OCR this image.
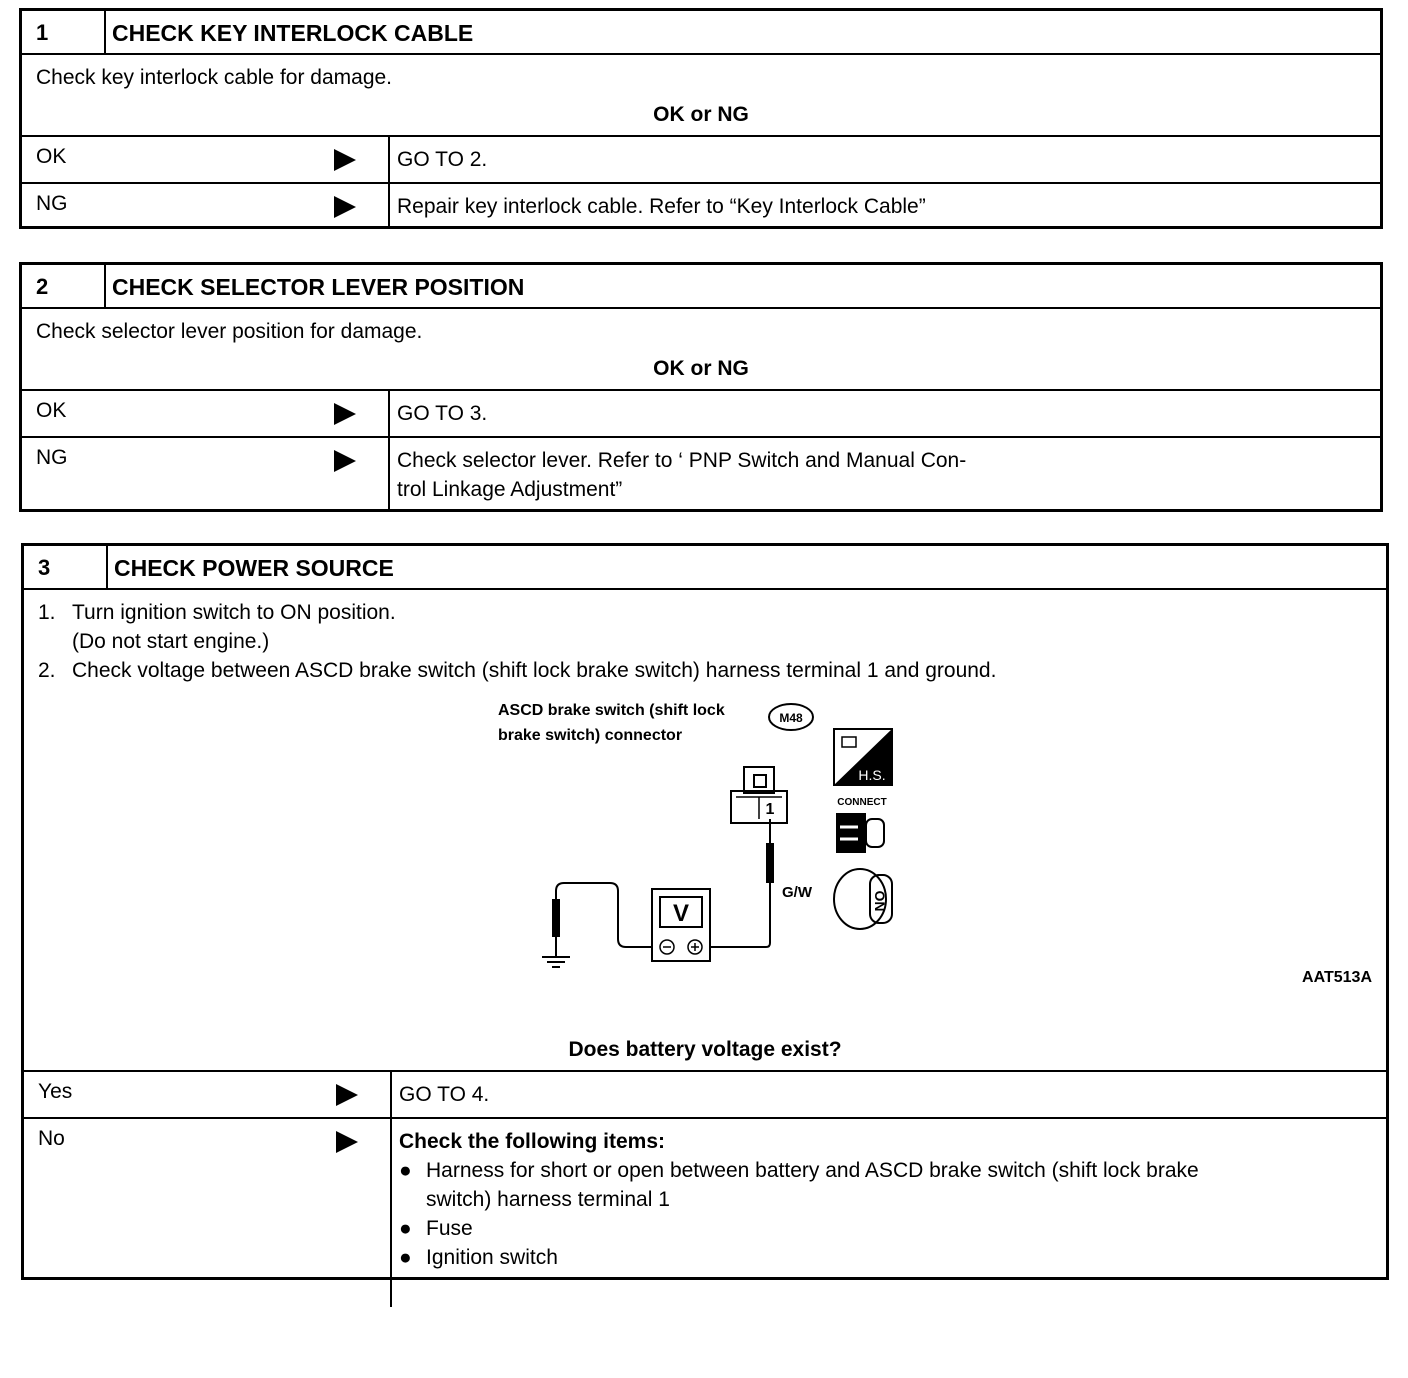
1	CHECK KEY INTERLOCK CABLE
Check key interlock cable for damage.
OK or NG
OK	GO TO 2.
NG	Repair key interlock cable. Refer to “Key Interlock Cable”
2	CHECK SELECTOR LEVER POSITION
Check selector lever position for damage.
OK or NG
OK	GO TO 3.
NG	Check selector lever. Refer to ‘ PNP Switch and Manual Con-
trol Linkage Adjustment”
3	CHECK POWER SOURCE
1. Turn ignition switch to ON position.
(Do not start engine.)
2. Check voltage between ASCD brake switch (shift lock brake switch) harness terminal 1 and ground.
ASCD brake switch (shift lock
brake switch) connector
M48
1
G/W
V
H.S.
CONNECT
ON
AAT513A
Does battery voltage exist?
Yes	GO TO 4.
No	Check the following items:
● Harness for short or open between battery and ASCD brake switch (shift lock brake
switch) harness terminal 1
● Fuse
● Ignition switch
